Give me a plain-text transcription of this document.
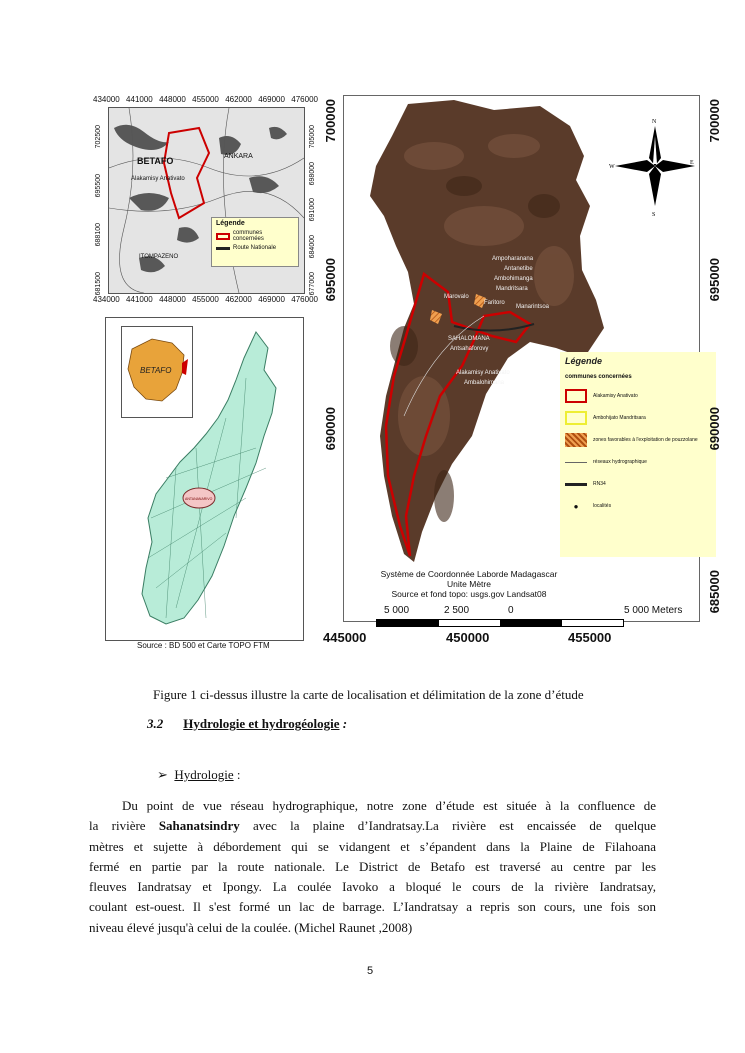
434000 441000 448000 455000 462000 469000 476000
681500
688100
695500
702500
BETAFO	ANKARA
Alakamisy Anativato
ITOMPAZENO
677000
684000
691000
698000
705000
Légende
communes concernées
Route Nationale
434000 441000 448000 455000 462000 469000 476000
ANTANANARIVO
BETAFO
Source : BD 500 et Carte TOPO FTM
700000
695000
690000
N
S
W
E
Ampoharanana
Antanetibe
Ambohimanga
Mandritsara
Marovalo
Faritoro
Manarintsoa
SAHALOMANA
Antsahaforovy
Alakamisy Anativato
Ambalohimana
Légende
communes concernées
Alakamisy Anativato
Ambohijato Mandritsara
zones favorables à l'exploitation de pouzzolane
réseaux hydrographique
RN34
●	localités
Système de Coordonnée Laborde Madagascar
Unite Mètre
Source et fond topo: usgs.gov Landsat08
5 000	2 500	0	5 000 Meters
700000
695000
690000
685000
445000	450000	455000
Figure 1 ci-dessus illustre la carte de localisation et délimitation de la zone d’étude
3.2 Hydrologie et hydrogéologie :
➢ Hydrologie :
Du point de vue réseau hydrographique, notre zone d’étude est située à la confluence de
la rivière Sahanatsindry avec la plaine d’Iandratsay.La rivière est encaissée de quelque
mètres et sujette à débordement qui se vidangent et s’épandent dans la Plaine de Filahoana
fermé en partie par la route nationale. Le District de Betafo est traversé au centre par les
fleuves Iandratsay et Ipongy. La coulée Iavoko a bloqué le cours de la rivière Iandratsay,
coulant est-ouest. Il s'est formé un lac de barrage. L’Iandratsay a repris son cours, une fois son
niveau élevé jusqu'à celui de la coulée. (Michel Raunet ,2008)
5
